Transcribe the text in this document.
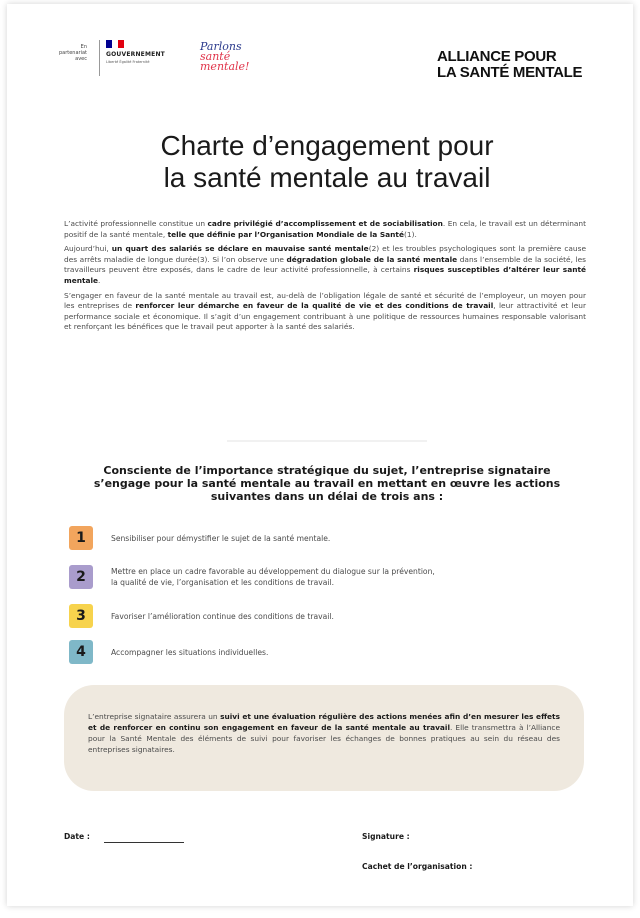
En partenariat avec
GOUVERNEMENT
Liberté Égalité Fraternité
Parlons
santé
mentale!
ALLIANCE POUR
LA SANTÉ MENTALE
Charte d’engagement pour
la santé mentale au travail

L’activité professionnelle constitue un cadre privilégié d’accomplissement et de sociabilisation. En cela, le travail est un déterminant positif de la santé mentale, telle que définie par l’Organisation Mondiale de la Santé(1).

Aujourd’hui, un quart des salariés se déclare en mauvaise santé mentale(2) et les troubles psychologiques sont la première cause des arrêts maladie de longue durée(3). Si l’on observe une dégradation globale de la santé mentale dans l’ensemble de la société, les travailleurs peuvent être exposés, dans le cadre de leur activité professionnelle, à certains risques susceptibles d’altérer leur santé mentale.

S’engager en faveur de la santé mentale au travail est, au-delà de l’obligation légale de santé et sécurité de l’employeur, un moyen pour les entreprises de renforcer leur démarche en faveur de la qualité de vie et des conditions de travail, leur attractivité et leur performance sociale et économique. Il s’agit d’un engagement contribuant à une politique de ressources humaines responsable valorisant et renforçant les bénéfices que le travail peut apporter à la santé des salariés.

Consciente de l’importance stratégique du sujet, l’entreprise signataire
s’engage pour la santé mentale au travail en mettant en œuvre les actions
suivantes dans un délai de trois ans :
1	Sensibiliser pour démystifier le sujet de la santé mentale.
2	Mettre en place un cadre favorable au développement du dialogue sur la prévention,
la qualité de vie, l’organisation et les conditions de travail.
3	Favoriser l’amélioration continue des conditions de travail.
4	Accompagner les situations individuelles.

L’entreprise signataire assurera un suivi et une évaluation régulière des actions menées afin d’en mesurer les effets et de renforcer en continu son engagement en faveur de la santé mentale au travail. Elle transmettra à l’Alliance pour la Santé Mentale des éléments de suivi pour favoriser les échanges de bonnes pratiques au sein du réseau des entreprises signataires.

Date :	Signature :
Cachet de l’organisation :
